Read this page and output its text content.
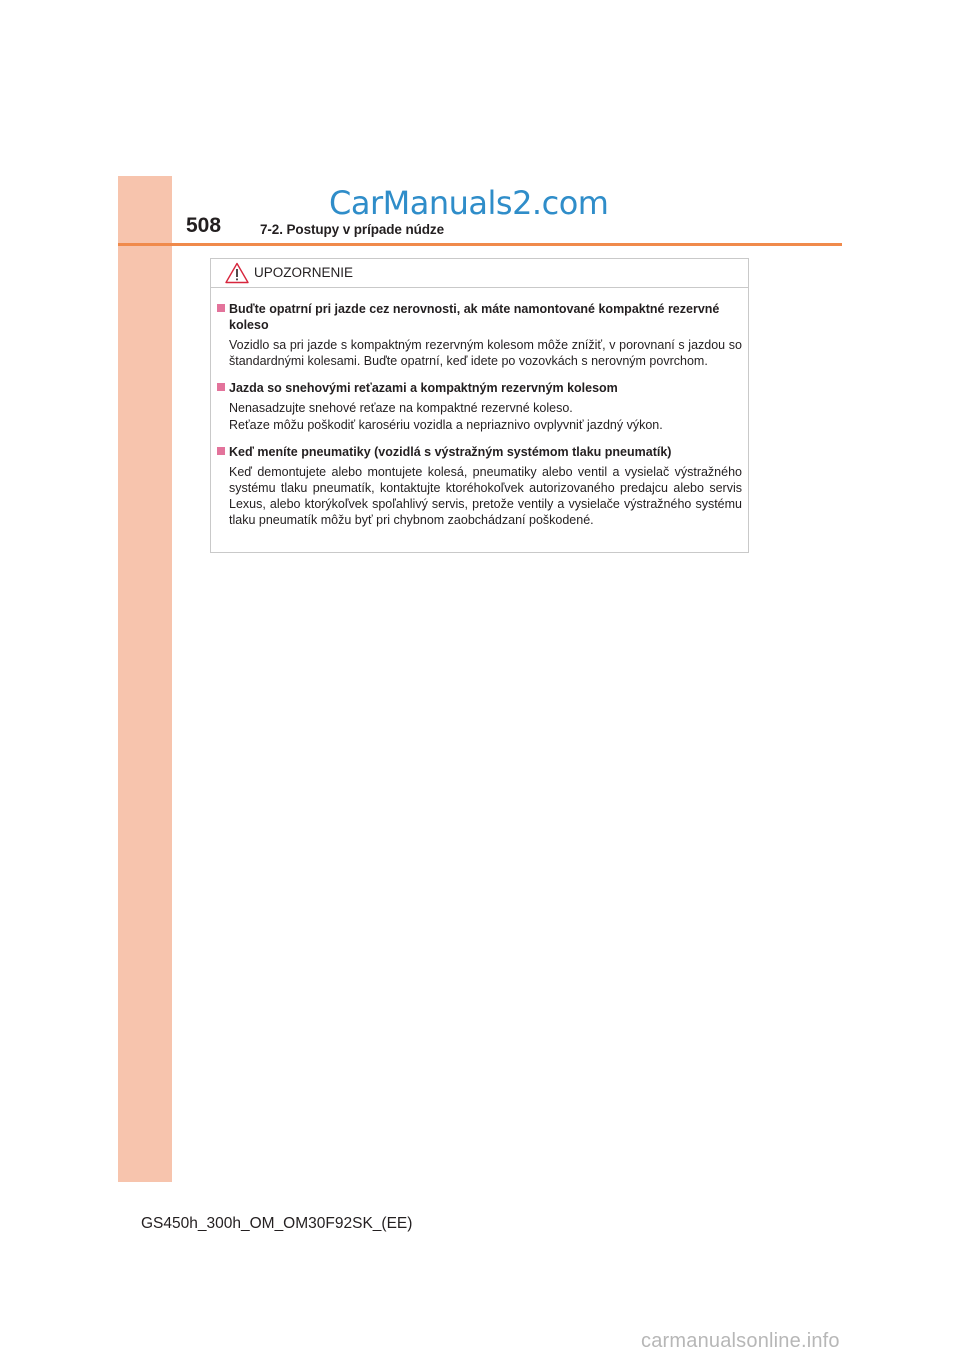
508	7-2. Postupy v prípade núdze
CarManuals2.com
UPOZORNENIE
Buďte opatrní pri jazde cez nerovnosti, ak máte namontované kompaktné rezervné koleso
Vozidlo sa pri jazde s kompaktným rezervným kolesom môže znížiť, v porovnaní s jazdou so štandardnými kolesami. Buďte opatrní, keď idete po vozovkách s nerovným povrchom.
Jazda so snehovými reťazami a kompaktným rezervným kolesom
Nenasadzujte snehové reťaze na kompaktné rezervné koleso.
Reťaze môžu poškodiť karosériu vozidla a nepriaznivo ovplyvniť jazdný výkon.
Keď meníte pneumatiky (vozidlá s výstražným systémom tlaku pneumatík)
Keď demontujete alebo montujete kolesá, pneumatiky alebo ventil a vysielač výstražného systému tlaku pneumatík, kontaktujte ktoréhokoľvek autorizovaného predajcu alebo servis Lexus, alebo ktorýkoľvek spoľahlivý servis, pretože ventily a vysielače výstražného systému tlaku pneumatík môžu byť pri chybnom zaobchádzaní poškodené.
GS450h_300h_OM_OM30F92SK_(EE)
carmanualsonline.info
